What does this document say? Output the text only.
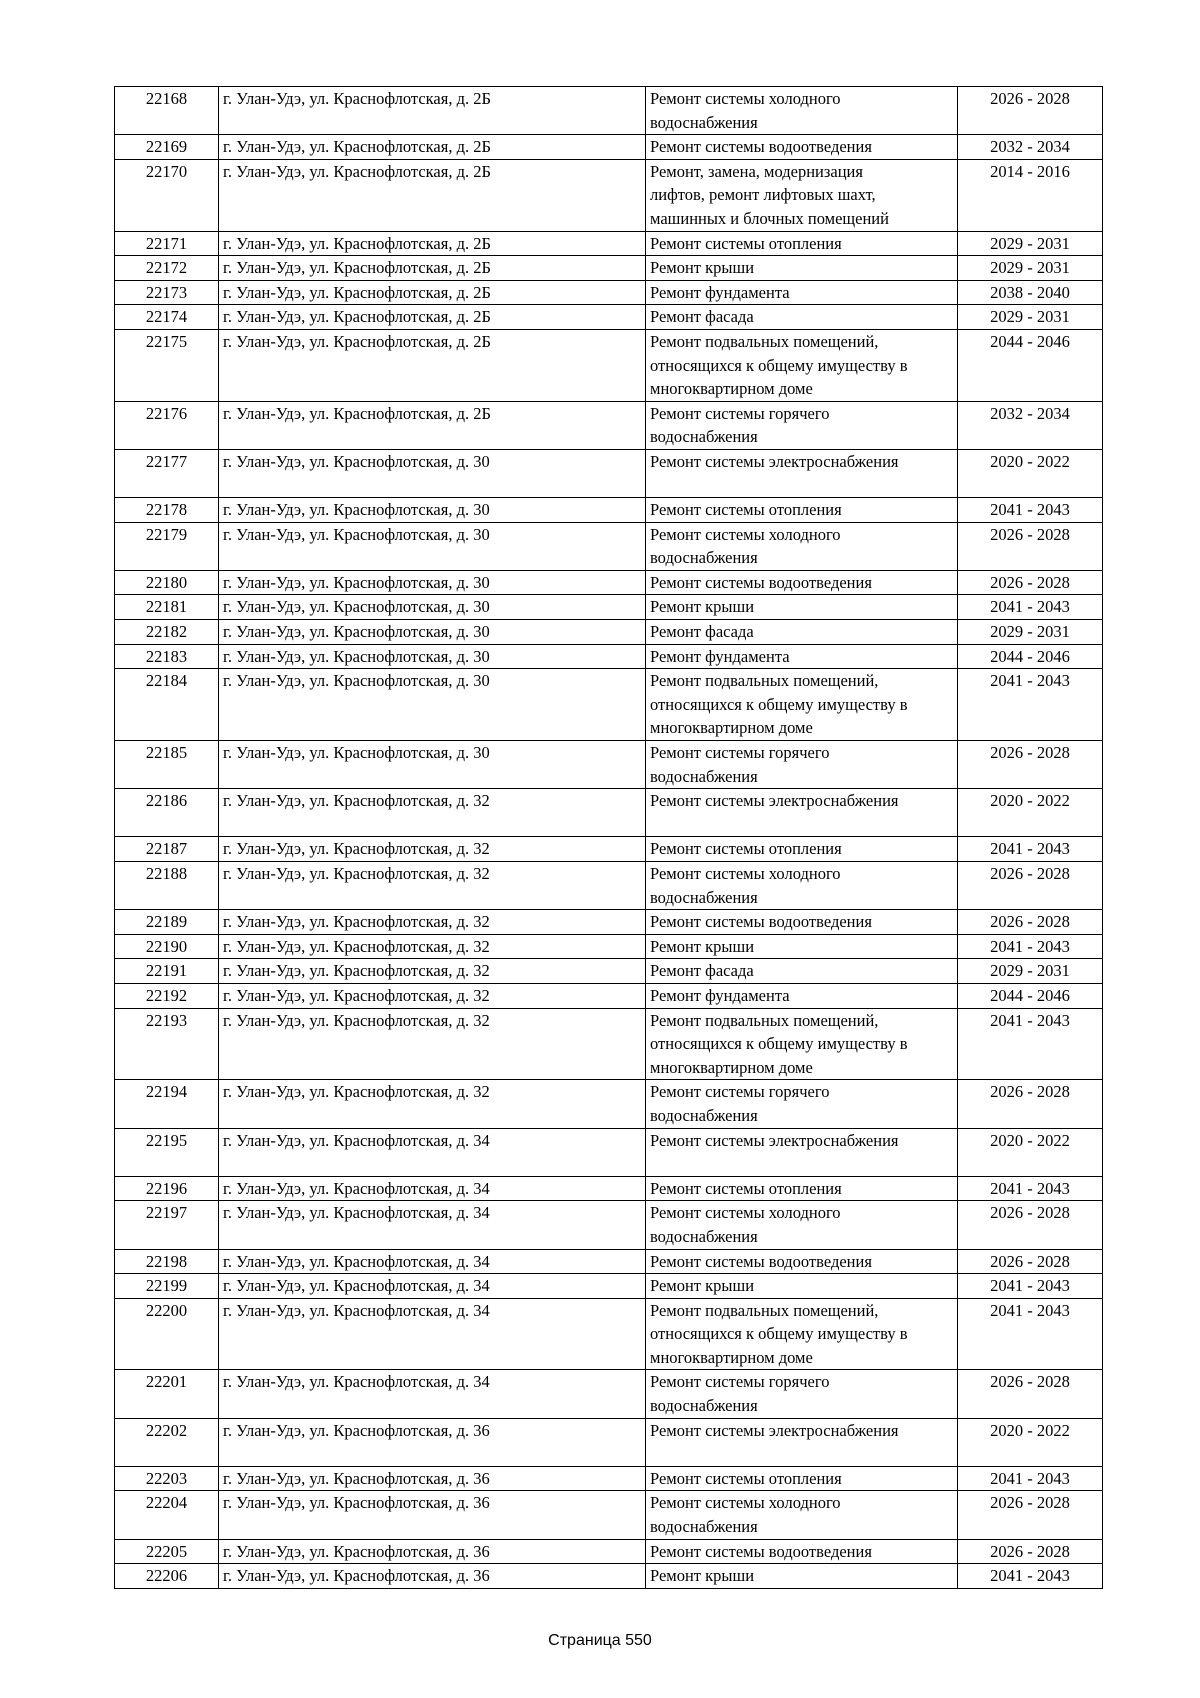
22168	г. Улан-Удэ, ул. Краснофлотская, д. 2Б	Ремонт системы холодного
водоснабжения	2026 - 2028
22169	г. Улан-Удэ, ул. Краснофлотская, д. 2Б	Ремонт системы водоотведения	2032 - 2034
22170	г. Улан-Удэ, ул. Краснофлотская, д. 2Б	Ремонт, замена, модернизация
лифтов, ремонт лифтовых шахт,
машинных и блочных помещений	2014 - 2016
22171	г. Улан-Удэ, ул. Краснофлотская, д. 2Б	Ремонт системы отопления	2029 - 2031
22172	г. Улан-Удэ, ул. Краснофлотская, д. 2Б	Ремонт крыши	2029 - 2031
22173	г. Улан-Удэ, ул. Краснофлотская, д. 2Б	Ремонт фундамента	2038 - 2040
22174	г. Улан-Удэ, ул. Краснофлотская, д. 2Б	Ремонт фасада	2029 - 2031
22175	г. Улан-Удэ, ул. Краснофлотская, д. 2Б	Ремонт подвальных помещений,
относящихся к общему имуществу в
многоквартирном доме	2044 - 2046
22176	г. Улан-Удэ, ул. Краснофлотская, д. 2Б	Ремонт системы горячего
водоснабжения	2032 - 2034
22177	г. Улан-Удэ, ул. Краснофлотская, д. 30	Ремонт системы электроснабжения	2020 - 2022
22178	г. Улан-Удэ, ул. Краснофлотская, д. 30	Ремонт системы отопления	2041 - 2043
22179	г. Улан-Удэ, ул. Краснофлотская, д. 30	Ремонт системы холодного
водоснабжения	2026 - 2028
22180	г. Улан-Удэ, ул. Краснофлотская, д. 30	Ремонт системы водоотведения	2026 - 2028
22181	г. Улан-Удэ, ул. Краснофлотская, д. 30	Ремонт крыши	2041 - 2043
22182	г. Улан-Удэ, ул. Краснофлотская, д. 30	Ремонт фасада	2029 - 2031
22183	г. Улан-Удэ, ул. Краснофлотская, д. 30	Ремонт фундамента	2044 - 2046
22184	г. Улан-Удэ, ул. Краснофлотская, д. 30	Ремонт подвальных помещений,
относящихся к общему имуществу в
многоквартирном доме	2041 - 2043
22185	г. Улан-Удэ, ул. Краснофлотская, д. 30	Ремонт системы горячего
водоснабжения	2026 - 2028
22186	г. Улан-Удэ, ул. Краснофлотская, д. 32	Ремонт системы электроснабжения	2020 - 2022
22187	г. Улан-Удэ, ул. Краснофлотская, д. 32	Ремонт системы отопления	2041 - 2043
22188	г. Улан-Удэ, ул. Краснофлотская, д. 32	Ремонт системы холодного
водоснабжения	2026 - 2028
22189	г. Улан-Удэ, ул. Краснофлотская, д. 32	Ремонт системы водоотведения	2026 - 2028
22190	г. Улан-Удэ, ул. Краснофлотская, д. 32	Ремонт крыши	2041 - 2043
22191	г. Улан-Удэ, ул. Краснофлотская, д. 32	Ремонт фасада	2029 - 2031
22192	г. Улан-Удэ, ул. Краснофлотская, д. 32	Ремонт фундамента	2044 - 2046
22193	г. Улан-Удэ, ул. Краснофлотская, д. 32	Ремонт подвальных помещений,
относящихся к общему имуществу в
многоквартирном доме	2041 - 2043
22194	г. Улан-Удэ, ул. Краснофлотская, д. 32	Ремонт системы горячего
водоснабжения	2026 - 2028
22195	г. Улан-Удэ, ул. Краснофлотская, д. 34	Ремонт системы электроснабжения	2020 - 2022
22196	г. Улан-Удэ, ул. Краснофлотская, д. 34	Ремонт системы отопления	2041 - 2043
22197	г. Улан-Удэ, ул. Краснофлотская, д. 34	Ремонт системы холодного
водоснабжения	2026 - 2028
22198	г. Улан-Удэ, ул. Краснофлотская, д. 34	Ремонт системы водоотведения	2026 - 2028
22199	г. Улан-Удэ, ул. Краснофлотская, д. 34	Ремонт крыши	2041 - 2043
22200	г. Улан-Удэ, ул. Краснофлотская, д. 34	Ремонт подвальных помещений,
относящихся к общему имуществу в
многоквартирном доме	2041 - 2043
22201	г. Улан-Удэ, ул. Краснофлотская, д. 34	Ремонт системы горячего
водоснабжения	2026 - 2028
22202	г. Улан-Удэ, ул. Краснофлотская, д. 36	Ремонт системы электроснабжения	2020 - 2022
22203	г. Улан-Удэ, ул. Краснофлотская, д. 36	Ремонт системы отопления	2041 - 2043
22204	г. Улан-Удэ, ул. Краснофлотская, д. 36	Ремонт системы холодного
водоснабжения	2026 - 2028
22205	г. Улан-Удэ, ул. Краснофлотская, д. 36	Ремонт системы водоотведения	2026 - 2028
22206	г. Улан-Удэ, ул. Краснофлотская, д. 36	Ремонт крыши	2041 - 2043
Страница 550
